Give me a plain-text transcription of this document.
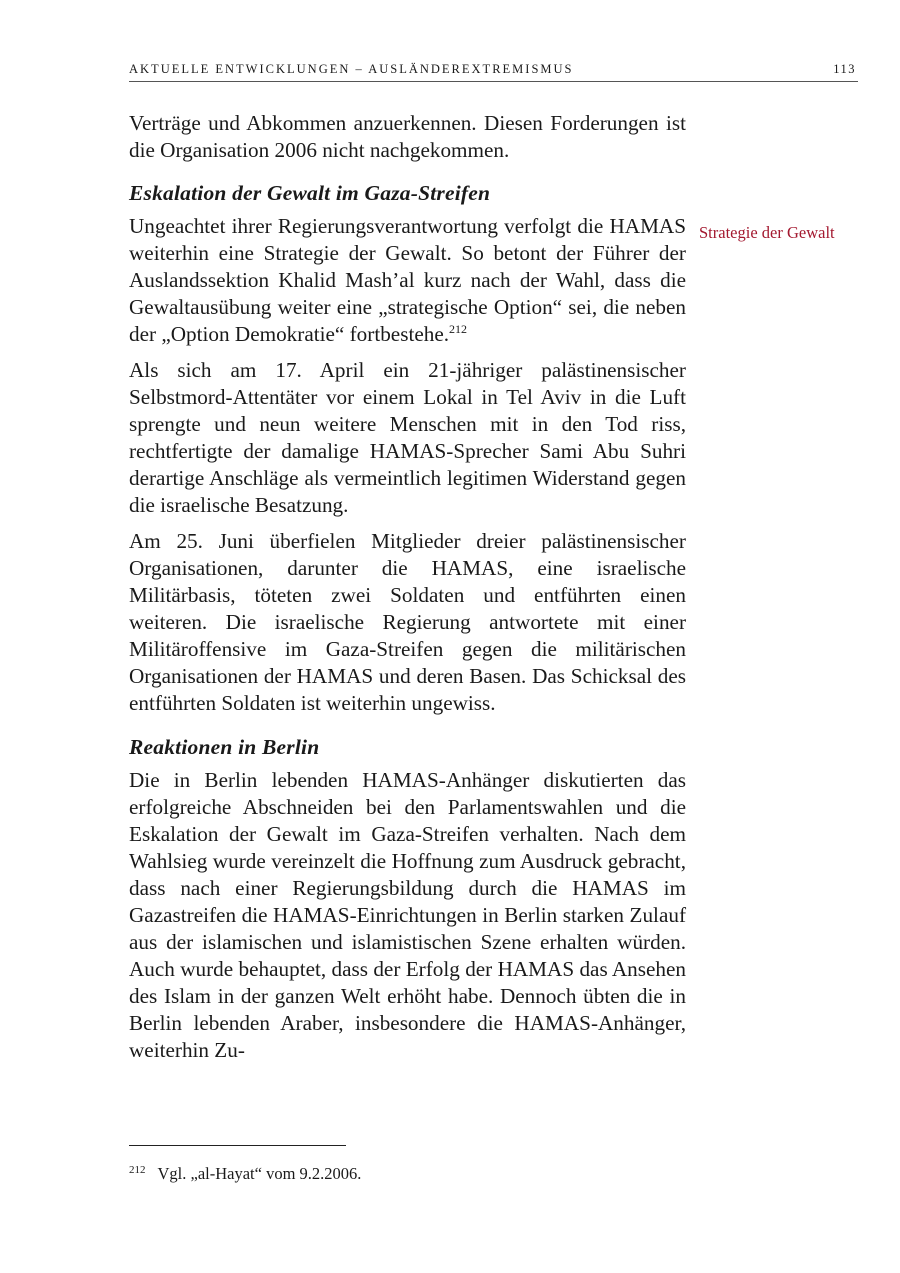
AKTUELLE ENTWICKLUNGEN – AUSLÄNDEREXTREMISMUS	113
Strategie der Gewalt

Verträge und Abkommen anzuerkennen. Diesen Forderungen ist die Organisation 2006 nicht nachgekommen.

Eskalation der Gewalt im Gaza-Streifen

Ungeachtet ihrer Regierungsverantwortung verfolgt die HAMAS weiterhin eine Strategie der Gewalt. So betont der Führer der Auslandssektion Khalid Mash’al kurz nach der Wahl, dass die Gewaltausübung weiter eine „strategische Option“ sei, die neben der „Option Demokratie“ fortbestehe.$^{212}$

Als sich am 17. April ein 21-jähriger palästinensischer Selbstmord-Attentäter vor einem Lokal in Tel Aviv in die Luft sprengte und neun weitere Menschen mit in den Tod riss, rechtfertigte der damalige HAMAS-Sprecher Sami Abu Suhri derartige Anschläge als vermeintlich legitimen Widerstand gegen die israelische Besatzung.

Am 25. Juni überfielen Mitglieder dreier palästinensischer Organisationen, darunter die HAMAS, eine israelische Militärbasis, töteten zwei Soldaten und entführten einen weiteren. Die israelische Regierung antwortete mit einer Militäroffensive im Gaza-Streifen gegen die militärischen Organisationen der HAMAS und deren Basen. Das Schicksal des entführten Soldaten ist weiterhin ungewiss.

Reaktionen in Berlin

Die in Berlin lebenden HAMAS-Anhänger diskutierten das erfolgreiche Abschneiden bei den Parlamentswahlen und die Eskalation der Gewalt im Gaza-Streifen verhalten. Nach dem Wahlsieg wurde vereinzelt die Hoffnung zum Ausdruck gebracht, dass nach einer Regierungsbildung durch die HAMAS im Gazastreifen die HAMAS-Einrichtungen in Berlin starken Zulauf aus der islamischen und islamistischen Szene erhalten würden. Auch wurde behauptet, dass der Erfolg der HAMAS das Ansehen des Islam in der ganzen Welt erhöht habe. Dennoch übten die in Berlin lebenden Araber, insbesondere die HAMAS-Anhänger, weiterhin Zu-

$^{212}$ Vgl. „al-Hayat“ vom 9.2.2006.
